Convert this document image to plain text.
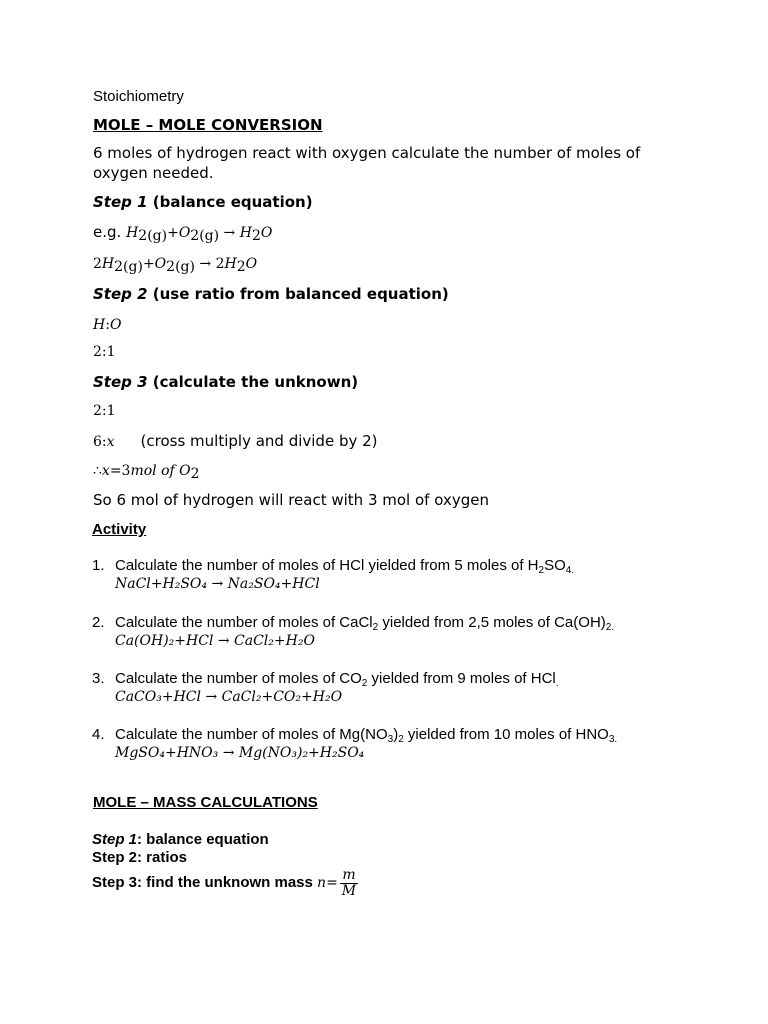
Stoichiometry
MOLE – MOLE CONVERSION
6 moles of hydrogen react with oxygen calculate the number of moles of
oxygen needed.
Step 1 (balance equation)
e.g. $H_{2(g)}+O_{2(g)} \to H_2O$
$2H_{2(g)}+O_{2(g)} \to 2H_2O$
Step 2 (use ratio from balanced equation)
H:O
2:1
Step 3 (calculate the unknown)
2:1
6:x (cross multiply and divide by 2)
∴x=3mol of $O_2$
So 6 mol of hydrogen will react with 3 mol of oxygen
Activity
1. Calculate the number of moles of HCl yielded from 5 moles of $H_2SO_{4.}$
NaCl+H₂SO₄ → Na₂SO₄+HCl
2. Calculate the number of moles of CaCl$_2$ yielded from 2,5 moles of $Ca(OH)_{2.}$
Ca(OH)₂+HCl → CaCl₂+H₂O
3. Calculate the number of moles of $CO_2$ yielded from 9 moles of HCl$_.$
CaCO₃+HCl → CaCl₂+CO₂+H₂O
4. Calculate the number of moles of $Mg(NO_3)_2$ yielded from 10 moles of $HNO_{3.}$
MgSO₄+HNO₃ → Mg(NO₃)₂+H₂SO₄
MOLE – MASS CALCULATIONS
Step 1: balance equation
Step 2: ratios
Step 3: find the unknown mass $n= \frac{m}{M}$
